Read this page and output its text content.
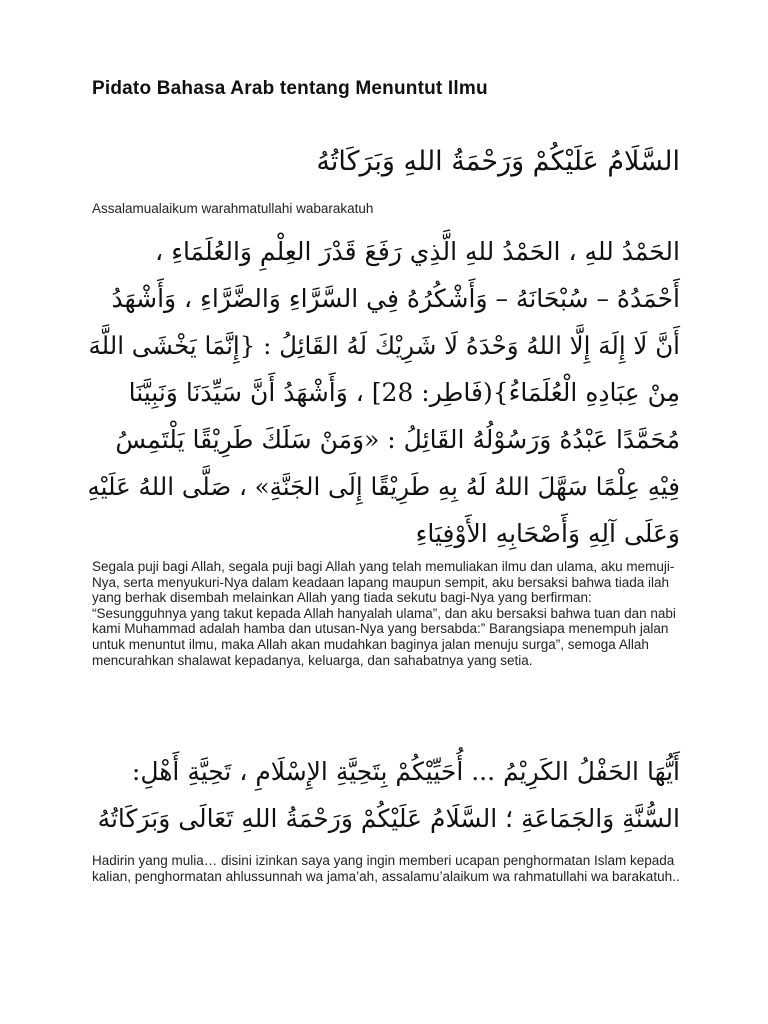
Pidato Bahasa Arab tentang Menuntut Ilmu
السَّلَامُ عَلَيْكُمْ وَرَحْمَةُ اللهِ وَبَرَكَاتُهُ
Assalamualaikum warahmatullahi wabarakatuh
الحَمْدُ للهِ ، الحَمْدُ للهِ الَّذِي رَفَعَ قَدْرَ العِلْمِ وَالعُلَمَاءِ ،
أَحْمَدُهُ – سُبْحَانَهُ – وَأَشْكُرُهُ فِي السَّرَّاءِ وَالضَّرَّاءِ ، وَأَشْهَدُ
أَنَّ لَا إِلَهَ إِلَّا اللهُ وَحْدَهُ لَا شَرِيْكَ لَهُ القَائِلُ : {إِنَّمَا يَخْشَى اللَّهَ
مِنْ عِبَادِهِ الْعُلَمَاءُ}(فَاطِر: 28] ، وَأَشْهَدُ أَنَّ سَيِّدَنَا وَنَبِيَّنَا
مُحَمَّدًا عَبْدُهُ وَرَسُوْلُهُ القَائِلُ : «وَمَنْ سَلَكَ طَرِيْقًا يَلْتَمِسُ
فِيْهِ عِلْمًا سَهَّلَ اللهُ لَهُ بِهِ طَرِيْقًا إِلَى الجَنَّةِ» ، صَلَّى اللهُ عَلَيْهِ
وَعَلَى آلِهِ وَأَصْحَابِهِ الأَوْفِيَاءِ
Segala puji bagi Allah, segala puji bagi Allah yang telah memuliakan ilmu dan ulama, aku memuji-Nya, serta menyukuri-Nya dalam keadaan lapang maupun sempit, aku bersaksi bahwa tiada ilah yang berhak disembah melainkan Allah yang tiada sekutu bagi-Nya yang berfirman: “Sesungguhnya yang takut kepada Allah hanyalah ulama”, dan aku bersaksi bahwa tuan dan nabi kami Muhammad adalah hamba dan utusan-Nya yang bersabda:” Barangsiapa menempuh jalan untuk menuntut ilmu, maka Allah akan mudahkan baginya jalan menuju surga”, semoga Allah mencurahkan shalawat kepadanya, keluarga, dan sahabatnya yang setia.
أَيُّهَا الحَفْلُ الكَرِيْمُ ... أُحَيِّيْكُمْ بِتَحِيَّةِ الإِسْلَامِ ، تَحِيَّةِ أَهْلِ:
السُّنَّةِ وَالجَمَاعَةِ ؛ السَّلَامُ عَلَيْكُمْ وَرَحْمَةُ اللهِ تَعَالَى وَبَرَكَاتُهُ
Hadirin yang mulia… disini izinkan saya yang ingin memberi ucapan penghormatan Islam kepada kalian, penghormatan ahlussunnah wa jama’ah, assalamu’alaikum wa rahmatullahi wa barakatuh..
